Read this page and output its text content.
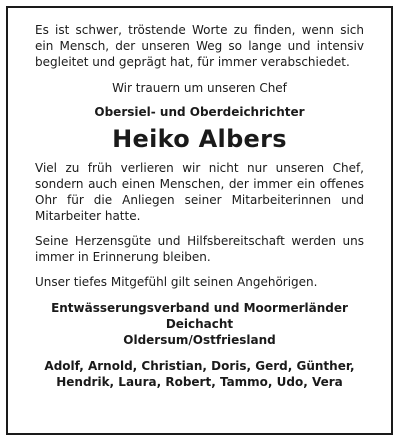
Es ist schwer, tröstende Worte zu finden, wenn sich ein Mensch, der unseren Weg so lange und intensiv begleitet und geprägt hat, für immer verabschiedet.

Wir trauern um unseren Chef

Obersiel- und Oberdeichrichter

Heiko Albers

Viel zu früh verlieren wir nicht nur unseren Chef, sondern auch einen Menschen, der immer ein offenes Ohr für die Anliegen seiner Mitarbeiterinnen und Mitarbeiter hatte.

Seine Herzensgüte und Hilfsbereitschaft werden uns immer in Erinnerung bleiben.

Unser tiefes Mitgefühl gilt seinen Angehörigen.

Entwässerungsverband und Moormerländer Deichacht
Oldersum/Ostfriesland
Adolf, Arnold, Christian, Doris, Gerd, Günther,
Hendrik, Laura, Robert, Tammo, Udo, Vera
